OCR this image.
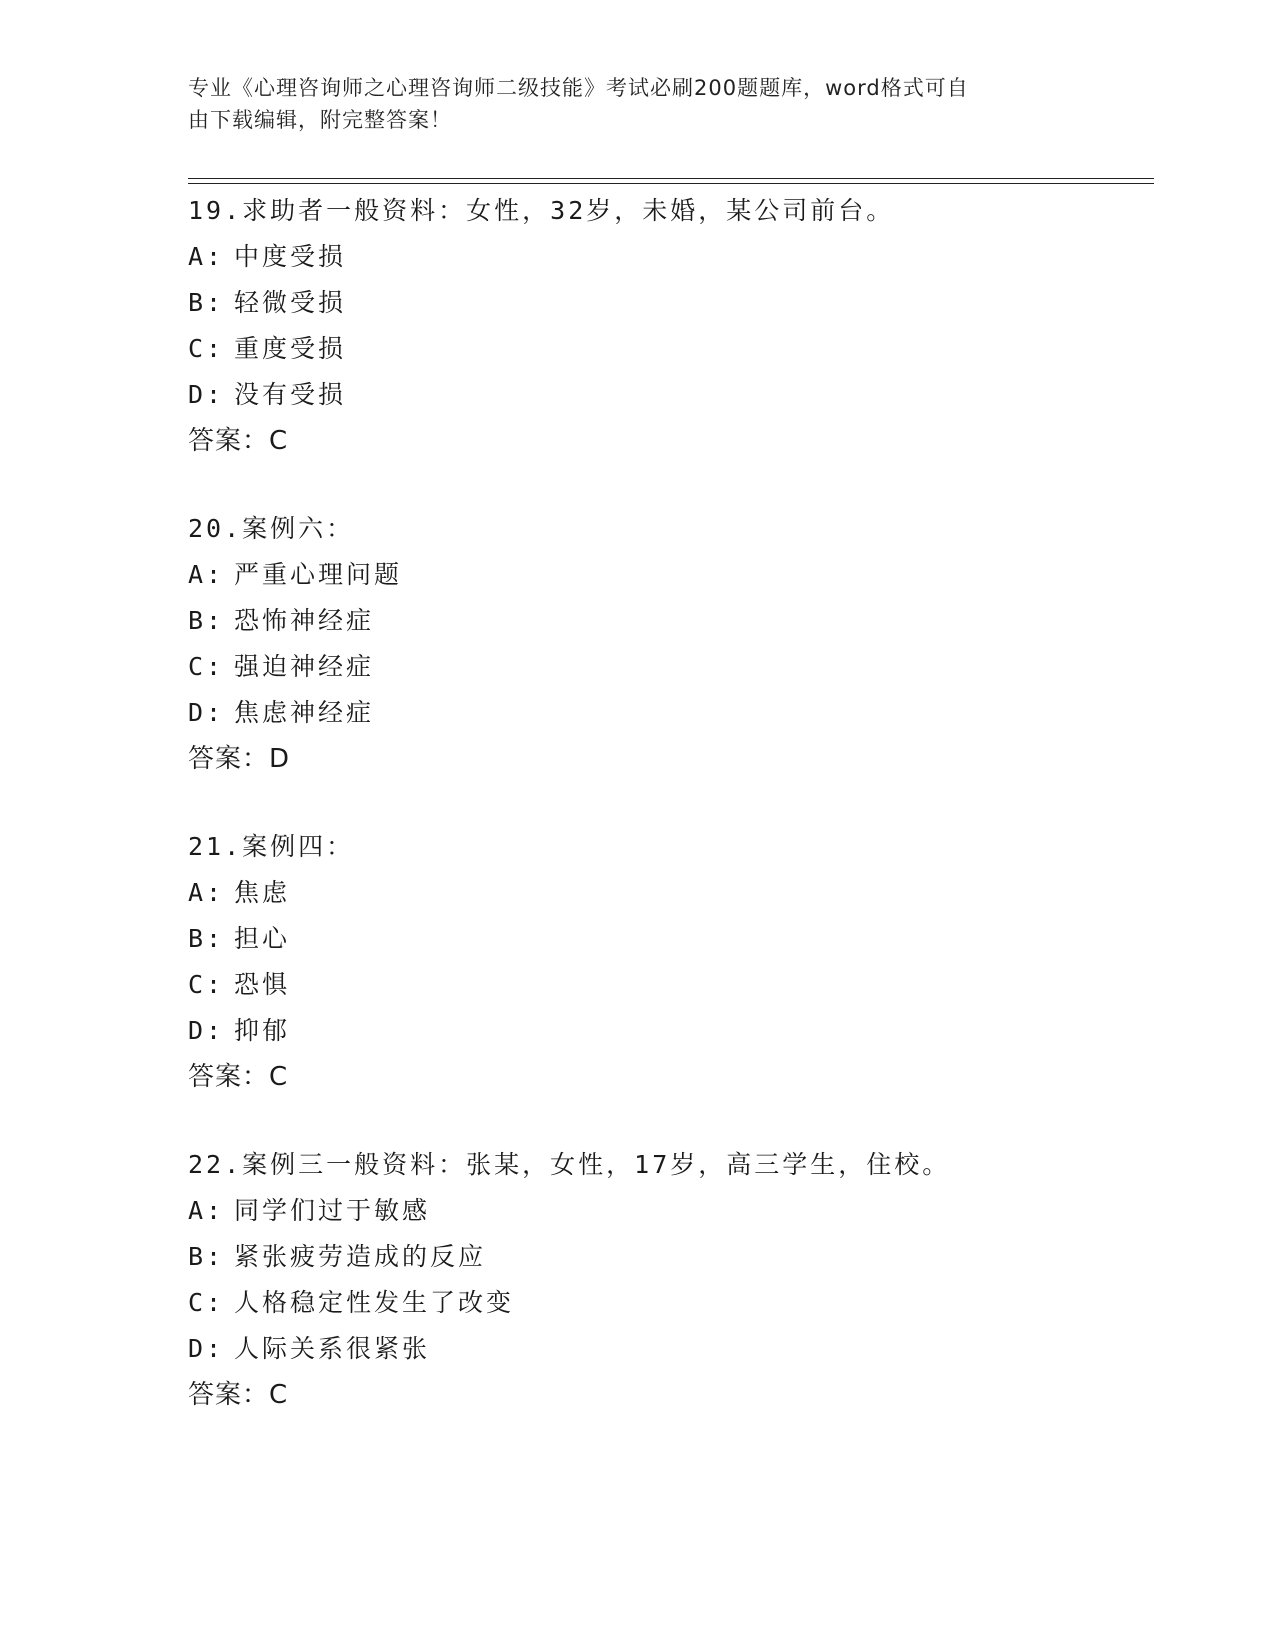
专业《心理咨询师之心理咨询师二级技能》考试必刷200题题库，word格式可自
由下载编辑，附完整答案！
19.求助者一般资料：女性，32岁，未婚，某公司前台。
A: 中度受损
B: 轻微受损
C: 重度受损
D: 没有受损
答案：C
20.案例六：
A: 严重心理问题
B: 恐怖神经症
C: 强迫神经症
D: 焦虑神经症
答案：D
21.案例四：
A: 焦虑
B: 担心
C: 恐惧
D: 抑郁
答案：C
22.案例三一般资料：张某，女性，17岁，高三学生，住校。
A: 同学们过于敏感
B: 紧张疲劳造成的反应
C: 人格稳定性发生了改变
D: 人际关系很紧张
答案：C
